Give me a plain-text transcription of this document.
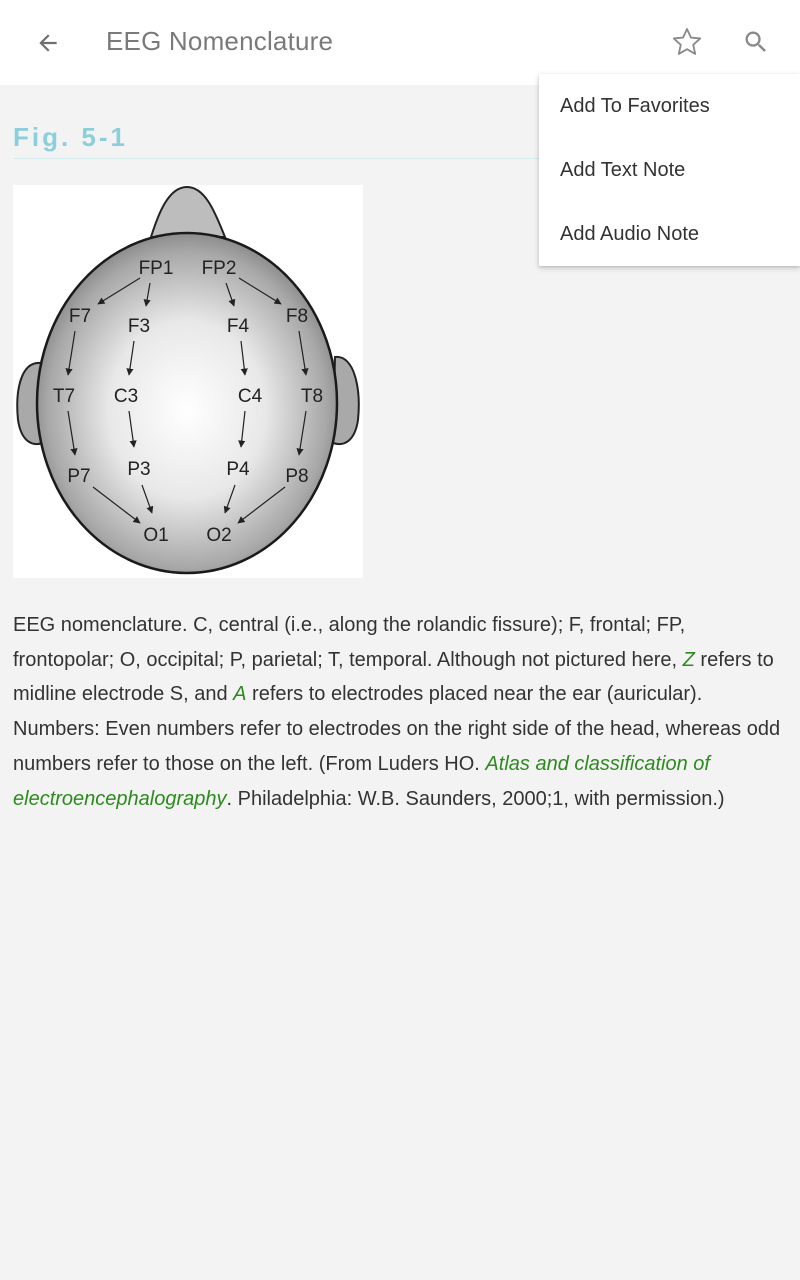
EEG Nomenclature
Fig. 5-1
FP1 FP2
F7 F3	F4 F8
T7 C3	C4 T8
P7 P3	P4 P8
O1 O2

EEG nomenclature. C, central (i.e., along the rolandic fissure); F, frontal; FP, frontopolar; O, occipital; P, parietal; T, temporal. Although not pictured here, Z refers to midline electrode S, and A refers to electrodes placed near the ear (auricular). Numbers: Even numbers refer to electrodes on the right side of the head, whereas odd numbers refer to those on the left. (From Luders HO. Atlas and classification of electroencephalography. Philadelphia: W.B. Saunders, 2000;1, with permission.)

Add To Favorites
Add Text Note
Add Audio Note
